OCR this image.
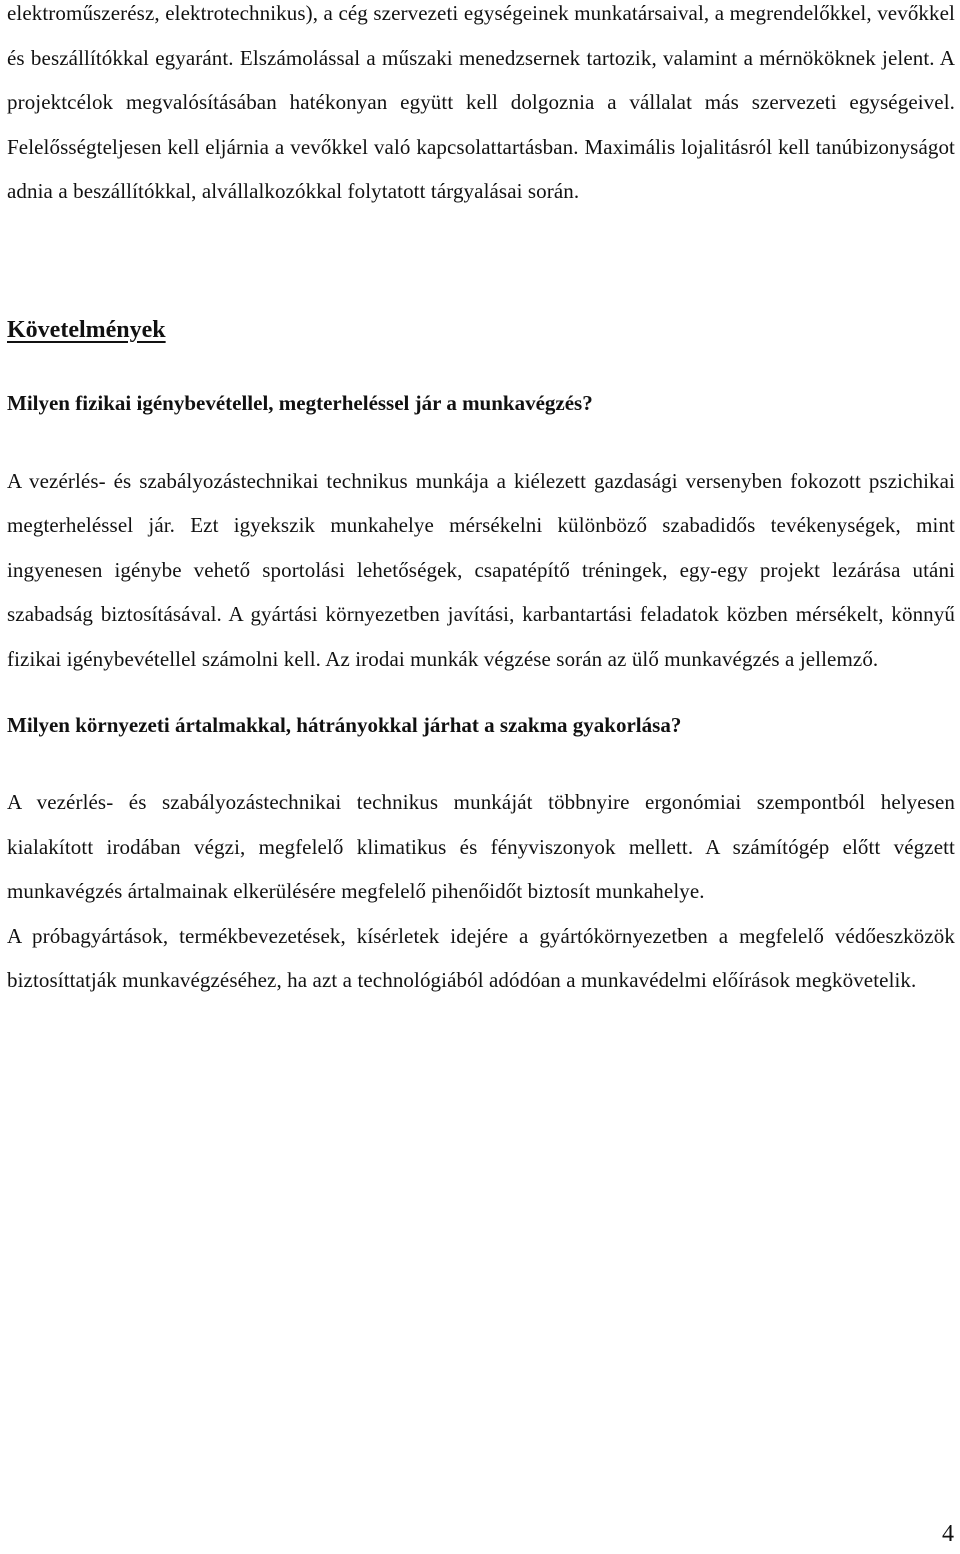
elektroműszerész, elektrotechnikus), a cég szervezeti egységeinek munkatársaival, a megrendelőkkel, vevőkkel és beszállítókkal egyaránt. Elszámolással a műszaki menedzsernek tartozik, valamint a mérnököknek jelent. A projektcélok megvalósításában hatékonyan együtt kell dolgoznia a vállalat más szervezeti egységeivel. Felelősségteljesen kell eljárnia a vevőkkel való kapcsolattartásban. Maximális lojalitásról kell tanúbizonyságot adnia a beszállítókkal, alvállalkozókkal folytatott tárgyalásai során.

Követelmények
Milyen fizikai igénybevétellel, megterheléssel jár a munkavégzés?

A vezérlés- és szabályozástechnikai technikus munkája a kiélezett gazdasági versenyben fokozott pszichikai megterheléssel jár. Ezt igyekszik munkahelye mérsékelni különböző szabadidős tevékenységek, mint ingyenesen igénybe vehető sportolási lehetőségek, csapatépítő tréningek, egy-egy projekt lezárása utáni szabadság biztosításával. A gyártási környezetben javítási, karbantartási feladatok közben mérsékelt, könnyű fizikai igénybevétellel számolni kell. Az irodai munkák végzése során az ülő munkavégzés a jellemző.

Milyen környezeti ártalmakkal, hátrányokkal járhat a szakma gyakorlása?

A vezérlés- és szabályozástechnikai technikus munkáját többnyire ergonómiai szempontból helyesen kialakított irodában végzi, megfelelő klimatikus és fényviszonyok mellett. A számítógép előtt végzett munkavégzés ártalmainak elkerülésére megfelelő pihenőidőt biztosít munkahelye.

A próbagyártások, termékbevezetések, kísérletek idejére a gyártókörnyezetben a megfelelő védőeszközök biztosíttatják munkavégzéséhez, ha azt a technológiából adódóan a munkavédelmi előírások megkövetelik.

4
